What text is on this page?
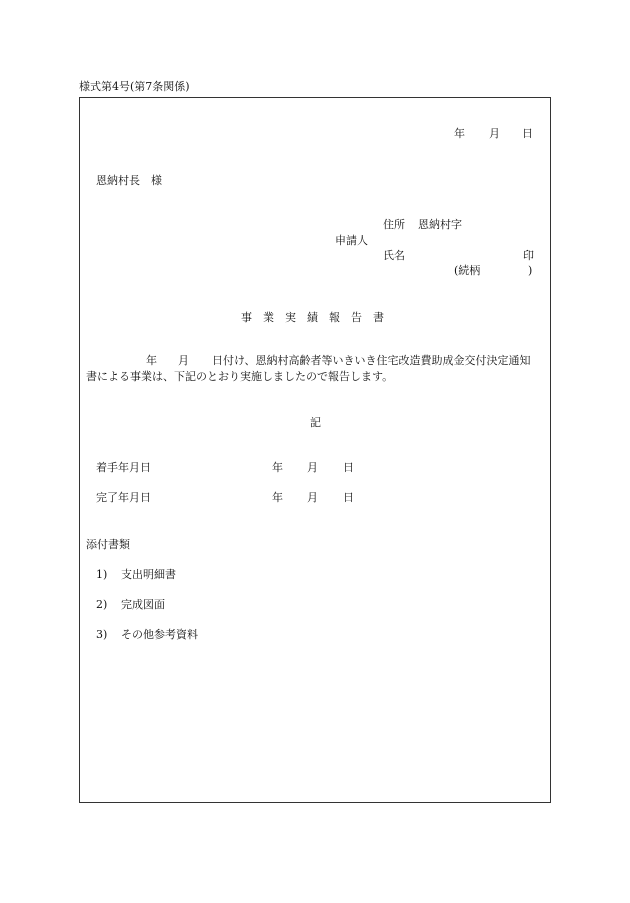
様式第4号(第7条関係)
年 月 日
恩納村長　様
住所 恩納村字
申請人
氏名	印
(続柄	)
事　業　実　績　報　告　書
年 月 日付け、恩納村高齢者等いきいき住宅改造費助成金交付決定通知
書による事業は、下記のとおり実施しましたので報告します。
記
着手年月日	年 月 日
完了年月日	年 月 日
添付書類
1) 支出明細書
2) 完成図面
3) その他参考資料
